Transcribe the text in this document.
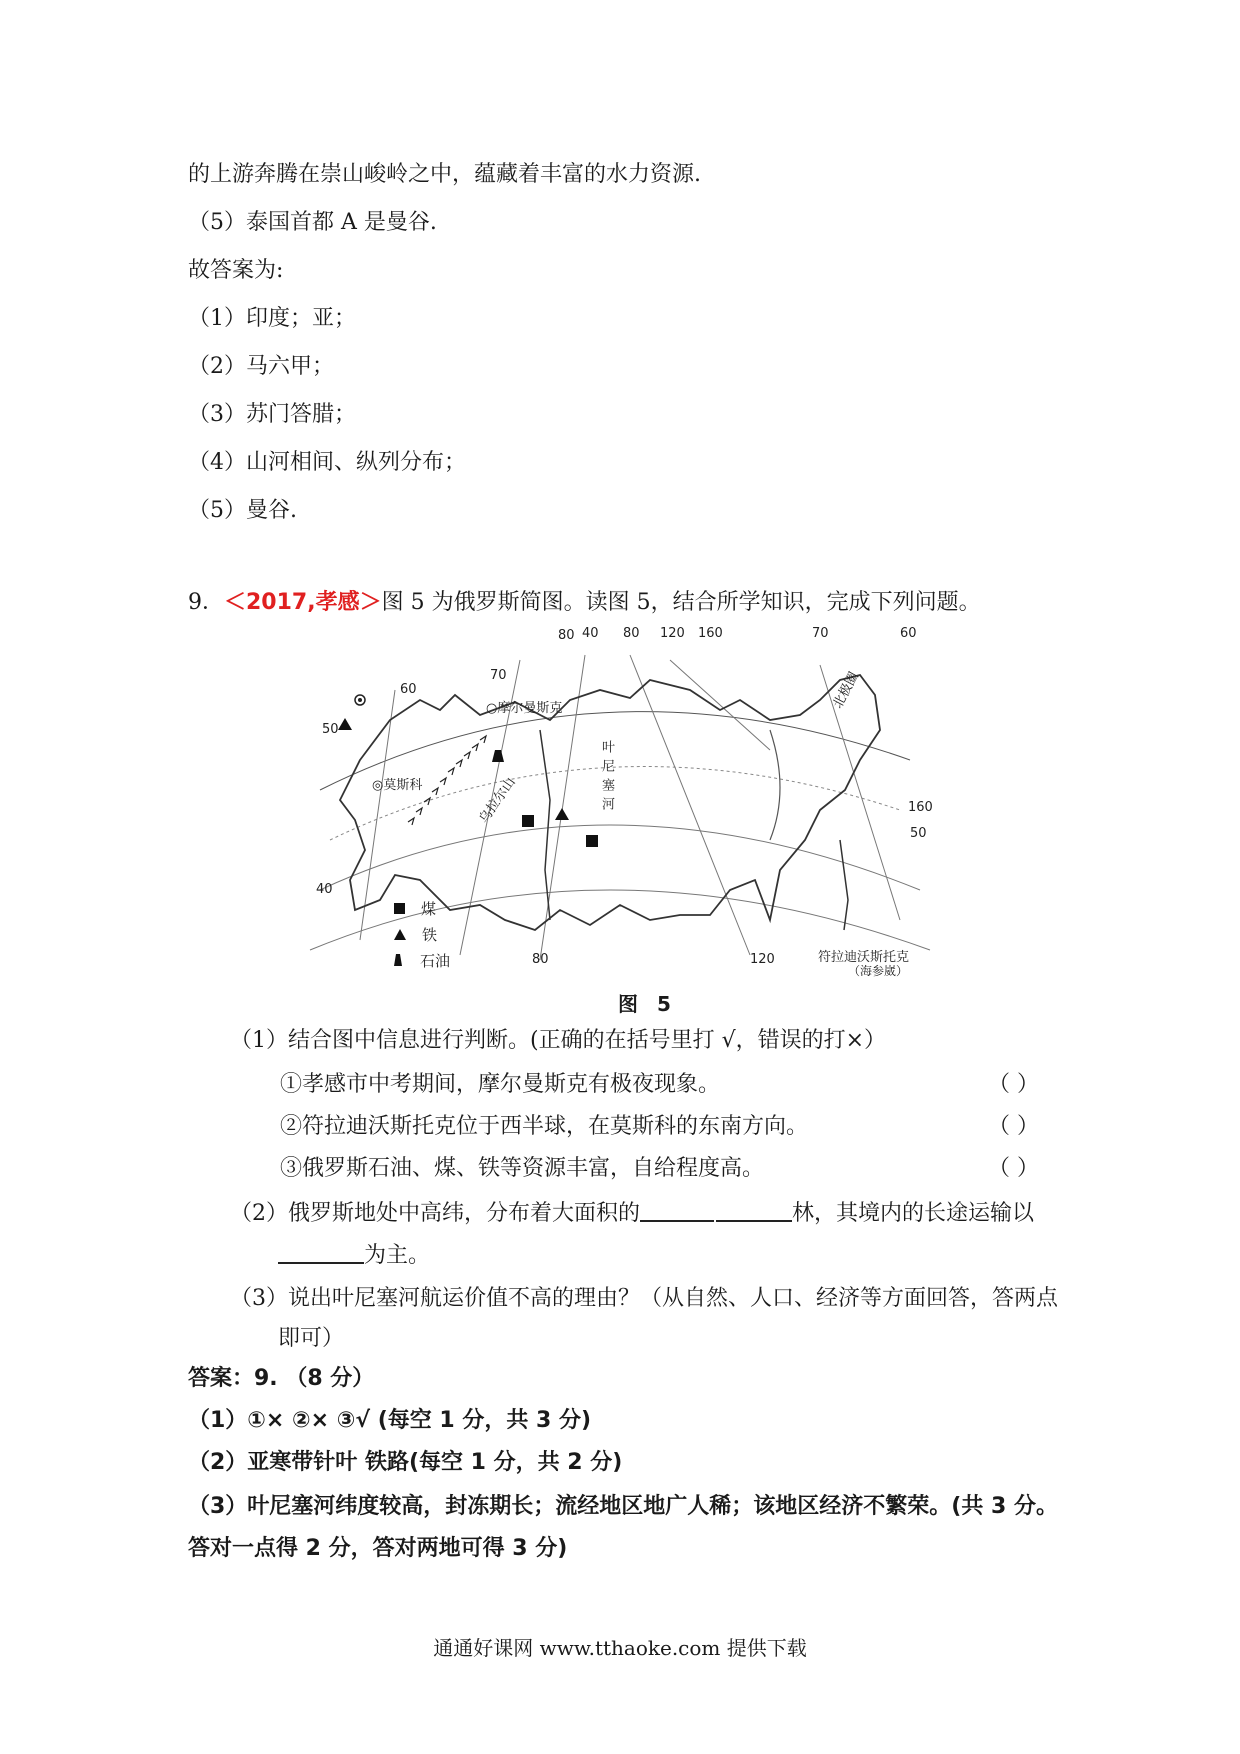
的上游奔腾在崇山峻岭之中，蕴藏着丰富的水力资源.
（5）泰国首都 A 是曼谷.
故答案为:
（1）印度；亚；
（2）马六甲；
（3）苏门答腊；
（4）山河相间、纵列分布；
（5）曼谷.
9．＜2017,孝感＞图 5 为俄罗斯简图。读图 5，结合所学知识，完成下列问题。
80 40 80 120 160	70	60
60
70
50
40
160
50
80	120
○摩尔曼斯克
◎莫斯科	乌拉尔山	叶尼塞河
北极圈
符拉迪沃斯托克
（海参崴）
煤
铁
石油
图 5
（1）结合图中信息进行判断。(正确的在括号里打 √，错误的打×）
①孝感市中考期间，摩尔曼斯克有极夜现象。	（ ）
②符拉迪沃斯托克位于西半球，在莫斯科的东南方向。	（ ）
③俄罗斯石油、煤、铁等资源丰富，自给程度高。	（ ）
（2）俄罗斯地处中高纬，分布着大面积的	林，其境内的长途运输以
为主。
（3）说出叶尼塞河航运价值不高的理由？（从自然、人口、经济等方面回答，答两点
即可）
答案：9. （8 分）
（1）①× ②× ③√ (每空 1 分，共 3 分)
（2）亚寒带针叶 铁路(每空 1 分，共 2 分)
（3）叶尼塞河纬度较高，封冻期长；流经地区地广人稀；该地区经济不繁荣。(共 3 分。
答对一点得 2 分，答对两地可得 3 分)
通通好课网 www.tthaoke.com 提供下载
